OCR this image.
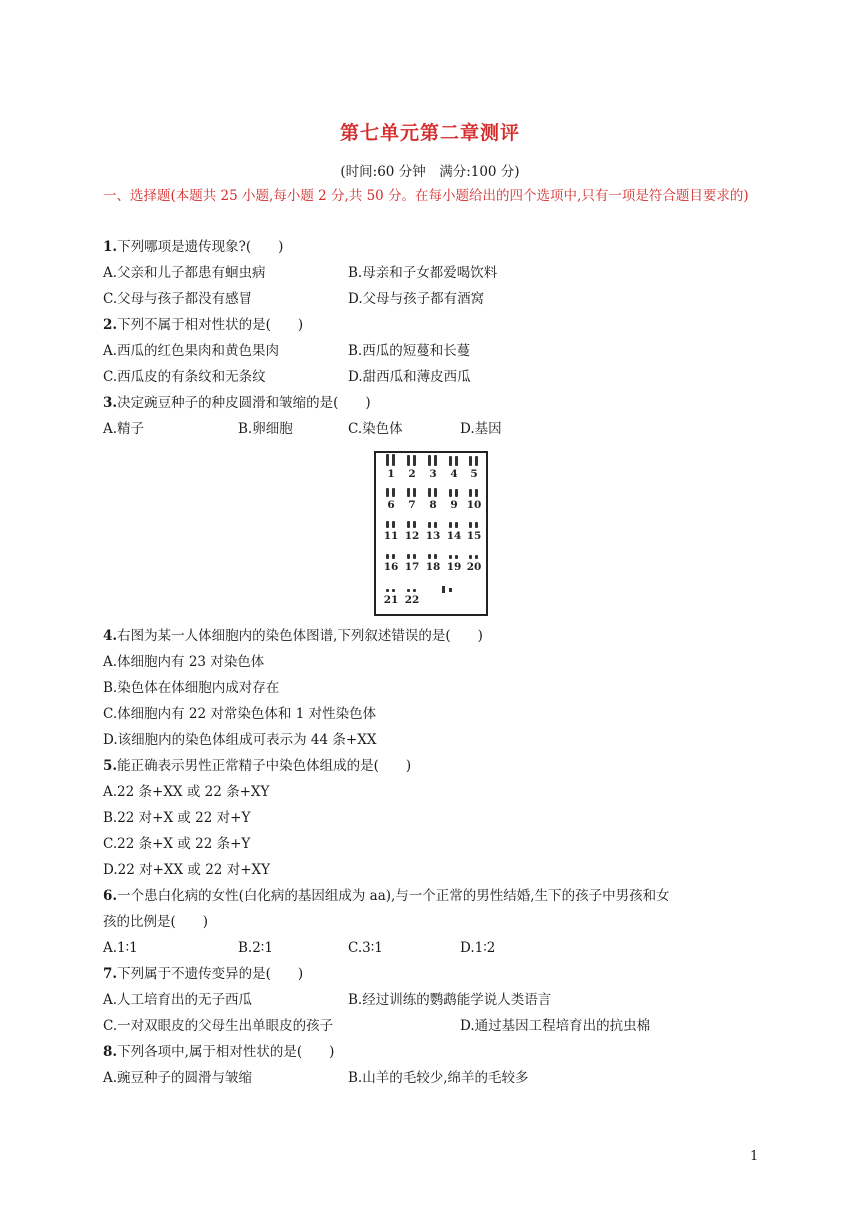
第七单元第二章测评
(时间:60 分钟　满分:100 分)
一、选择题(本题共 25 小题,每小题 2 分,共 50 分。在每小题给出的四个选项中,只有一项是符合题目要求的)
1.下列哪项是遗传现象?(　　)
A.父亲和儿子都患有蛔虫病	B.母亲和子女都爱喝饮料
C.父母与孩子都没有感冒	D.父母与孩子都有酒窝
2.下列不属于相对性状的是(　　)
A.西瓜的红色果肉和黄色果肉	B.西瓜的短蔓和长蔓
C.西瓜皮的有条纹和无条纹	D.甜西瓜和薄皮西瓜
3.决定豌豆种子的种皮圆滑和皱缩的是(　　)
A.精子	B.卵细胞	C.染色体	D.基因
4.右图为某一人体细胞内的染色体图谱,下列叙述错误的是(　　)
A.体细胞内有 23 对染色体
B.染色体在体细胞内成对存在
C.体细胞内有 22 对常染色体和 1 对性染色体
D.该细胞内的染色体组成可表示为 44 条+XX
5.能正确表示男性正常精子中染色体组成的是(　　)
A.22 条+XX 或 22 条+XY
B.22 对+X 或 22 对+Y
C.22 条+X 或 22 条+Y
D.22 对+XX 或 22 对+XY
6.一个患白化病的女性(白化病的基因组成为 aa),与一个正常的男性结婚,生下的孩子中男孩和女
孩的比例是(　　)
A.1∶1	B.2∶1	C.3∶1	D.1∶2
7.下列属于不遗传变异的是(　　)
A.人工培育出的无子西瓜	B.经过训练的鹦鹉能学说人类语言
C.一对双眼皮的父母生出单眼皮的孩子	D.通过基因工程培育出的抗虫棉
8.下列各项中,属于相对性状的是(　　)
A.豌豆种子的圆滑与皱缩	B.山羊的毛较少,绵羊的毛较多
1 2 3 4 5
6 7 8 9 10
11 12 13 14 15
16 17 18 19 20
21 22
1
